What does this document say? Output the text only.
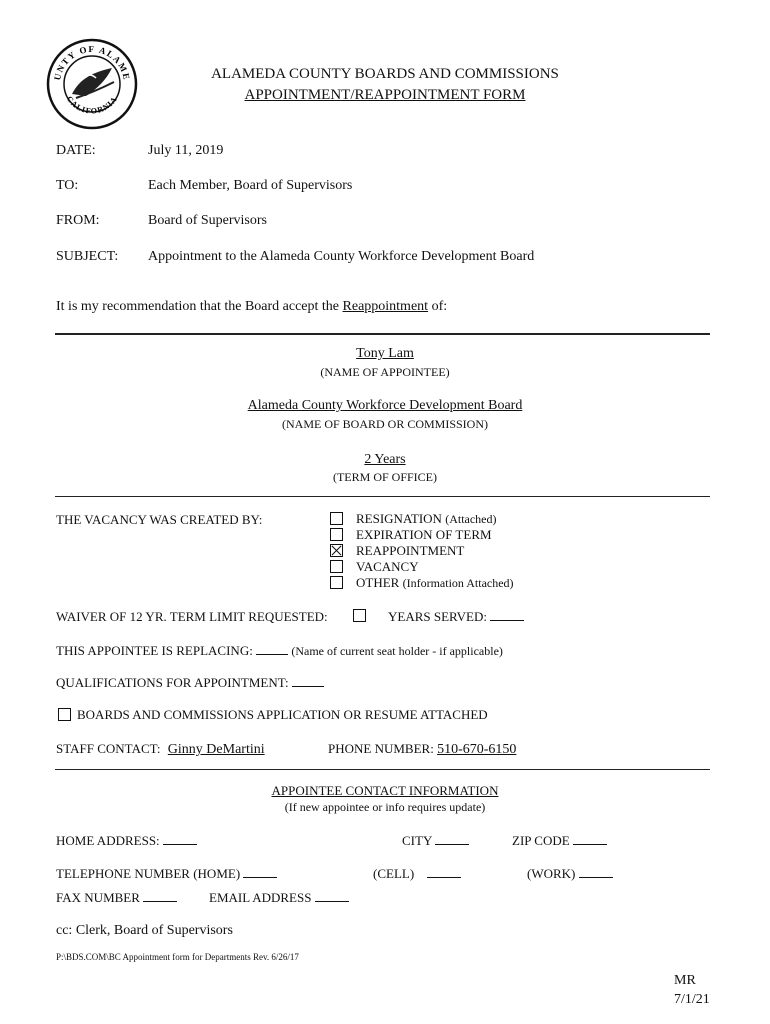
UNTY OF ALAME
CALIFORNIA
ALAMEDA COUNTY BOARDS AND COMMISSIONS
APPOINTMENT/REAPPOINTMENT FORM
DATE:	July 11, 2019
TO:	Each Member, Board of Supervisors
FROM:	Board of Supervisors
SUBJECT: Appointment to the Alameda County Workforce Development Board
It is my recommendation that the Board accept the Reappointment of:
Tony Lam
(NAME OF APPOINTEE)
Alameda County Workforce Development Board
(NAME OF BOARD OR COMMISSION)
2 Years
(TERM OF OFFICE)
THE VACANCY WAS CREATED BY:	RESIGNATION (Attached)
EXPIRATION OF TERM
REAPPOINTMENT
VACANCY
OTHER (Information Attached)
WAIVER OF 12 YR. TERM LIMIT REQUESTED:	YEARS SERVED:
THIS APPOINTEE IS REPLACING:	(Name of current seat holder - if applicable)
QUALIFICATIONS FOR APPOINTMENT:
BOARDS AND COMMISSIONS APPLICATION OR RESUME ATTACHED
STAFF CONTACT: Ginny DeMartini	PHONE NUMBER: 510-670-6150
APPOINTEE CONTACT INFORMATION
(If new appointee or info requires update)
HOME ADDRESS:	CITY	ZIP CODE
TELEPHONE NUMBER (HOME)	(CELL)	(WORK)
FAX NUMBER	EMAIL ADDRESS
cc: Clerk, Board of Supervisors
P:\BDS.COM\BC Appointment form for Departments Rev. 6/26/17
MR
7/1/21
